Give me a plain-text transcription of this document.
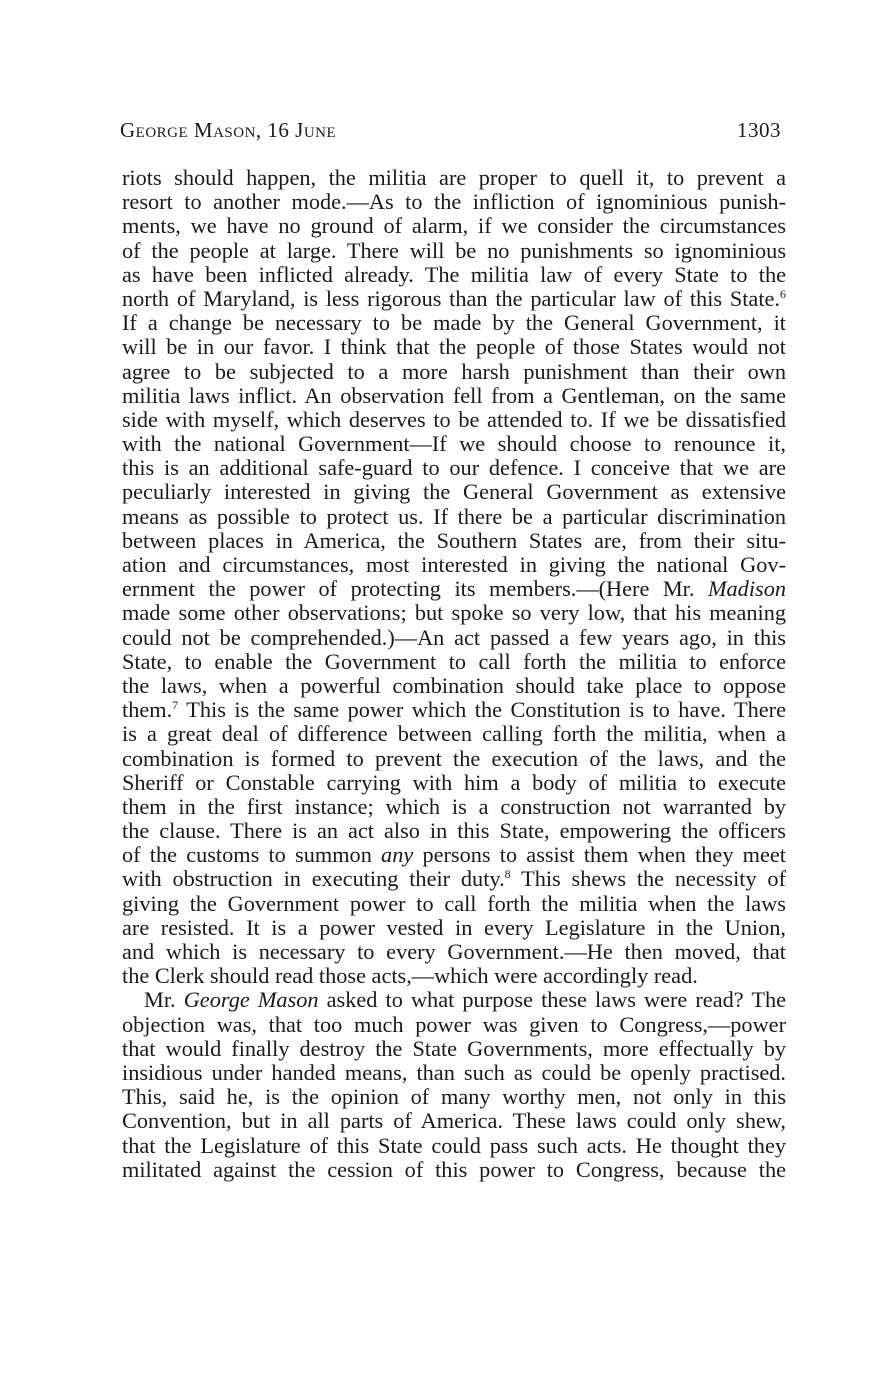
George Mason, 16 June	1303
riots should happen, the militia are proper to quell it, to prevent a
resort to another mode.—As to the infliction of ignominious punish-
ments, we have no ground of alarm, if we consider the circumstances
of the people at large. There will be no punishments so ignominious
as have been inflicted already. The militia law of every State to the
north of Maryland, is less rigorous than the particular law of this State.$^6$
If a change be necessary to be made by the General Government, it
will be in our favor. I think that the people of those States would not
agree to be subjected to a more harsh punishment than their own
militia laws inflict. An observation fell from a Gentleman, on the same
side with myself, which deserves to be attended to. If we be dissatisfied
with the national Government—If we should choose to renounce it,
this is an additional safe-guard to our defence. I conceive that we are
peculiarly interested in giving the General Government as extensive
means as possible to protect us. If there be a particular discrimination
between places in America, the Southern States are, from their situ-
ation and circumstances, most interested in giving the national Gov-
ernment the power of protecting its members.—(Here Mr. Madison
made some other observations; but spoke so very low, that his meaning
could not be comprehended.)—An act passed a few years ago, in this
State, to enable the Government to call forth the militia to enforce
the laws, when a powerful combination should take place to oppose
them.$^7$ This is the same power which the Constitution is to have. There
is a great deal of difference between calling forth the militia, when a
combination is formed to prevent the execution of the laws, and the
Sheriff or Constable carrying with him a body of militia to execute
them in the first instance; which is a construction not warranted by
the clause. There is an act also in this State, empowering the officers
of the customs to summon any persons to assist them when they meet
with obstruction in executing their duty.$^8$ This shews the necessity of
giving the Government power to call forth the militia when the laws
are resisted. It is a power vested in every Legislature in the Union,
and which is necessary to every Government.—He then moved, that
the Clerk should read those acts,—which were accordingly read.
Mr. George Mason asked to what purpose these laws were read? The
objection was, that too much power was given to Congress,—power
that would finally destroy the State Governments, more effectually by
insidious under handed means, than such as could be openly practised.
This, said he, is the opinion of many worthy men, not only in this
Convention, but in all parts of America. These laws could only shew,
that the Legislature of this State could pass such acts. He thought they
militated against the cession of this power to Congress, because the
